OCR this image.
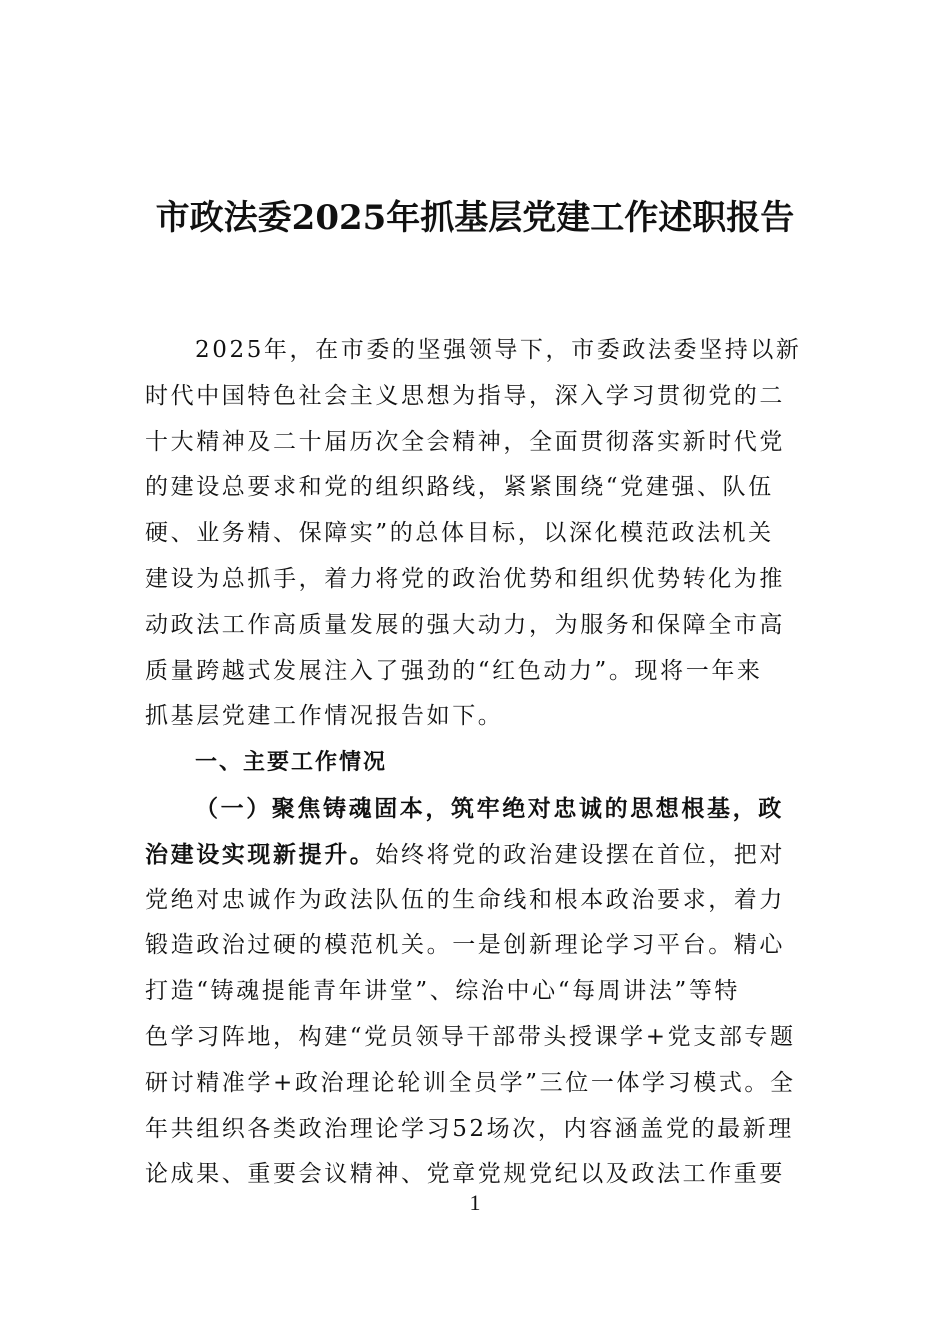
市政法委2025年抓基层党建工作述职报告
2025年，在市委的坚强领导下，市委政法委坚持以新
时代中国特色社会主义思想为指导，深入学习贯彻党的二
十大精神及二十届历次全会精神，全面贯彻落实新时代党
的建设总要求和党的组织路线，紧紧围绕“党建强、队伍
硬、业务精、保障实”的总体目标，以深化模范政法机关
建设为总抓手，着力将党的政治优势和组织优势转化为推
动政法工作高质量发展的强大动力，为服务和保障全市高
质量跨越式发展注入了强劲的“红色动力”。现将一年来
抓基层党建工作情况报告如下。
一、主要工作情况
（一）聚焦铸魂固本，筑牢绝对忠诚的思想根基，政
治建设实现新提升。始终将党的政治建设摆在首位，把对
党绝对忠诚作为政法队伍的生命线和根本政治要求，着力
锻造政治过硬的模范机关。一是创新理论学习平台。精心
打造“铸魂提能青年讲堂”、综治中心“每周讲法”等特
色学习阵地，构建“党员领导干部带头授课学+党支部专题
研讨精准学+政治理论轮训全员学”三位一体学习模式。全
年共组织各类政治理论学习52场次，内容涵盖党的最新理
论成果、重要会议精神、党章党规党纪以及政法工作重要
1
